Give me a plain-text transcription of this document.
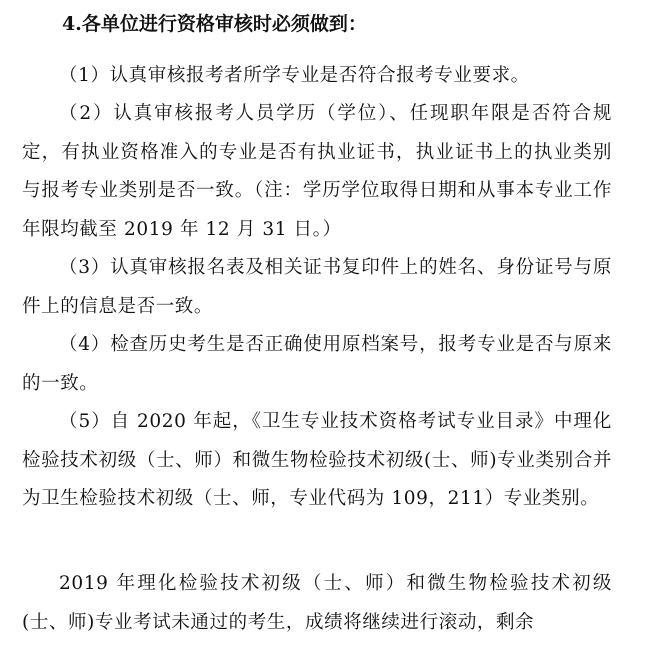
4.各单位进行资格审核时必须做到：
（1）认真审核报考者所学专业是否符合报考专业要求。
（2）认真审核报考人员学历（学位）、任现职年限是否符合规定，有执业资格准入的专业是否有执业证书，执业证书上的执业类别与报考专业类别是否一致。（注：学历学位取得日期和从事本专业工作年限均截至 2019 年 12 月 31 日。）
（3）认真审核报名表及相关证书复印件上的姓名、身份证号与原件上的信息是否一致。
（4）检查历史考生是否正确使用原档案号，报考专业是否与原来的一致。
（5）自 2020 年起，《卫生专业技术资格考试专业目录》中理化检验技术初级（士、师）和微生物检验技术初级(士、师)专业类别合并为卫生检验技术初级（士、师，专业代码为 109，211）专业类别。
2019 年理化检验技术初级（士、师）和微生物检验技术初级(士、师)专业考试未通过的考生，成绩将继续进行滚动，剩余
